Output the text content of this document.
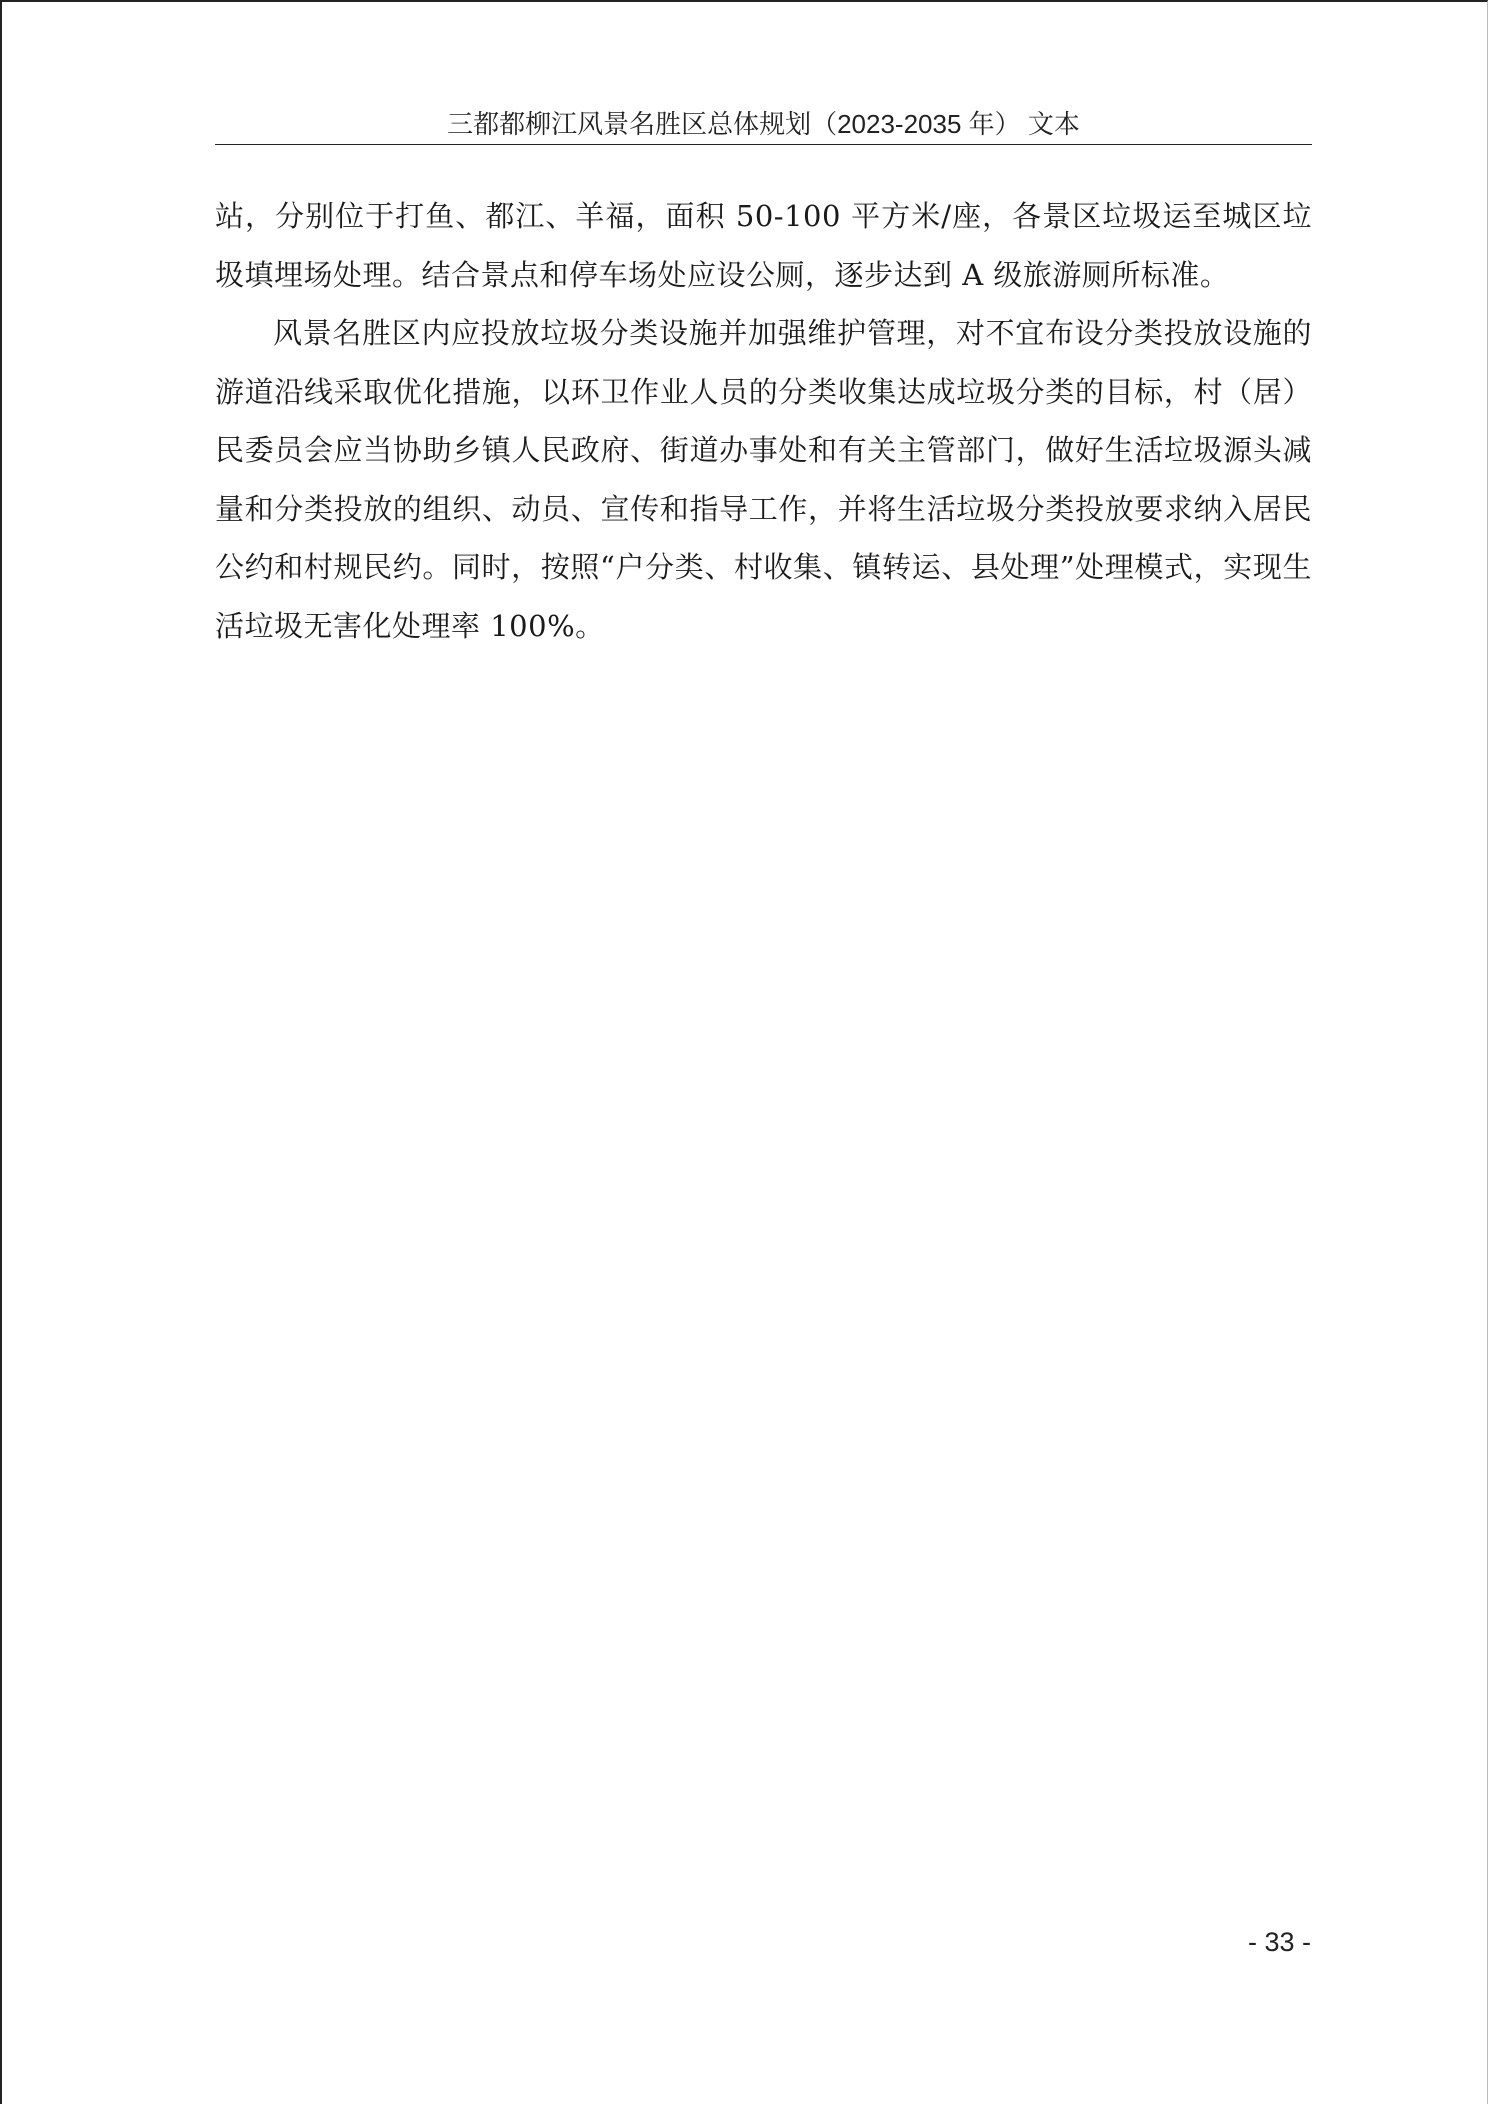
三都都柳江风景名胜区总体规划（2023-2035 年） 文本

站，分别位于打鱼、都江、羊福，面积 50-100 平方米/座，各景区垃圾运至城区垃圾填埋场处理。结合景点和停车场处应设公厕，逐步达到 A 级旅游厕所标准。

风景名胜区内应投放垃圾分类设施并加强维护管理，对不宜布设分类投放设施的游道沿线采取优化措施，以环卫作业人员的分类收集达成垃圾分类的目标，村（居）民委员会应当协助乡镇人民政府、街道办事处和有关主管部门，做好生活垃圾源头减量和分类投放的组织、动员、宣传和指导工作，并将生活垃圾分类投放要求纳入居民公约和村规民约。同时，按照“户分类、村收集、镇转运、县处理”处理模式，实现生活垃圾无害化处理率 100%。

- 33 -
